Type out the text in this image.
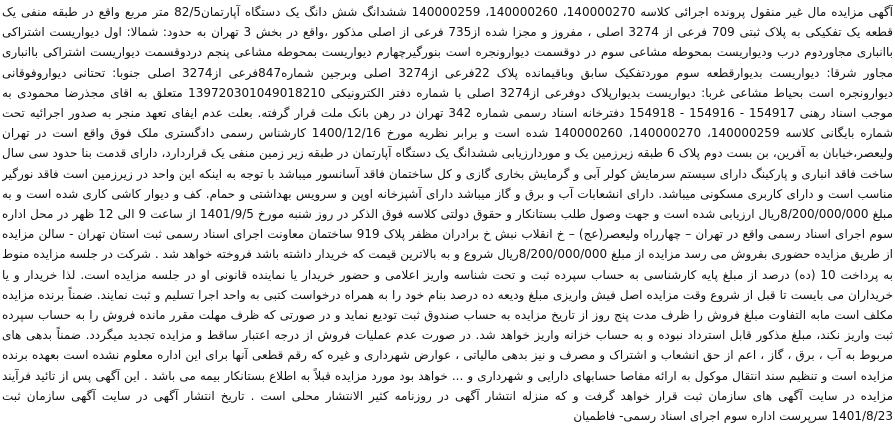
آگهی مزایده مال غیر منقول پرونده اجرائی کلاسه 140000270، 140000260، 140000259 ششدانگ شش دانگ یک دستگاه آپارتمان82/5 متر مربع واقع در طبقه منفی یک قطعه یک تفکیکی به پلاک ثبتی 709 فرعی از 3274 اصلی ، مفروز و مجزا شده از735 فرعی از اصلی مذکور ،واقع در بخش 3 تهران به حدود: شمالا: اول دیواریست اشتراکی باانباری مجاوردوم درب ودیواریست بمحوطه مشاعی سوم در دوقسمت دیوارونجره است بنورگیرچهارم دیواریست بمحوطه مشاعی پنجم دردوقسمت دیواریست اشتراکی باانباری مجاور شرقا: دیواریست بدیوارقطعه سوم موردتفکیک سابق وباقیمانده پلاک 22فرعی از3274 اصلی وبرجین شماره847فرعی از3274 اصلی جنوبا: تحتانی دیواروفوقانی دیوارونجره است بحیاط مشاعی غربا: دیواریست بدیوارپلاک دوفرعی از3274 اصلی با شماره دفتر الکترونیکی 139720301049018210 متعلق به اقای مجذرضا محمودی به موجب اسناد رهنی 154917 - 154916 - 154918 دفترخانه اسناد رسمی شماره 342 تهران در رهن بانک ملت قرار گرفته. بعلت عدم ایفای تعهد منجر به صدور اجرائیه تحت شماره بایگانی کلاسه 140000259، 140000270، 140000260 شده است و برابر نظریه مورخ 1400/12/16 کارشناس رسمی دادگستری ملک فوق واقع است در تهران ولیعصر،خیابان به آفرین، بن بست دوم پلاک 6 طبقه زیرزمین یک و موردارزیابی ششدانگ یک دستگاه آپارتمان در طبقه زیر زمین منفی یک قراردارد، دارای قدمت بنا حدود سی سال ساخت فاقد انباری و پارکینگ دارای سیستم سرمایش کولر آبی و گرمایش بخاری گازی و کل ساختمان فاقد آسانسور میباشد با توجه به اینکه این واحد در زیرزمین است فاقد نورگیر مناسب است و دارای کاربری مسکونی میباشد. دارای انشعابات آب و برق و گاز میباشد دارای آشپزخانه اوپن و سرویس بهداشتی و حمام. کف و دیوار کاشی کاری شده است و به مبلغ 8/200/000/000ریال ارزیابی شده است و جهت وصول طلب بستانکار و حقوق دولتی کلاسه فوق الذکر در روز شنبه مورخ 1401/9/5 از ساعت 9 الی 12 ظهر در محل اداره سوم اجرای اسناد رسمی واقع در تهران – چهارراه ولیعصر(عج) – خ انقلاب نبش خ برادران مظفر پلاک 919 ساختمان معاونت اجرای اسناد رسمی ثبت استان تهران - سالن مزایده از طریق مزایده حضوری بفروش می رسد مزایده از مبلغ 8/200/000/000ریال شروع و به بالاترین قیمت که خریدار داشته باشد فروخته خواهد شد . شرکت در جلسه مزایده منوط به پرداخت 10 (ده) درصد از مبلغ پایه کارشناسی به حساب سپرده ثبت و تحت شناسه واریز اعلامی و حضور خریدار یا نماینده قانونی او در جلسه مزایده است. لذا خریدار و یا خریداران می بایست تا قبل از شروع وقت مزایده اصل فیش واریزی مبلغ ودیعه ده درصد بنام خود را به همراه درخواست کتبی به واحد اجرا تسلیم و ثبت نمایند. ضمناً برنده مزایده مکلف است مابه التفاوت مبلغ فروش را ظرف مدت پنج روز از تاریخ مزایده به حساب صندوق ثبت تودیع نماید و در صورتی که ظرف مهلت مقرر مانده فروش را به حساب سپرده ثبت واریز نکند، مبلغ مذکور قابل استرداد نبوده و به حساب خزانه واریز خواهد شد. در صورت عدم عملیات فروش از درجه اعتبار ساقط و مزایده تجدید میگردد. ضمناً بدهی های مربوط به آب ، برق ، گاز ، اعم از حق انشعاب و اشتراک و مصرف و نیز بدهی مالیاتی ، عوارض شهرداری و غیره که رقم قطعی آنها برای این اداره معلوم نشده است بعهده برنده مزایده است و تنظیم سند انتقال موکول به ارائه مفاصا حسابهای دارایی و شهرداری و ... خواهد بود مورد مزایده قبلاً به اطلاع بستانکار بیمه می باشد . این آگهی پس از تائید فرآیند مزایده در سایت آگهی های سازمان ثبت قرار خواهد گرفت و که منزله انتشار آگهی در روزنامه کثیر الانتشار محلی است . تاریخ انتشار آگهی در سایت آگهی سازمان ثبت 1401/8/23 سرپرست اداره سوم اجرای اسناد رسمی- فاطمیان
